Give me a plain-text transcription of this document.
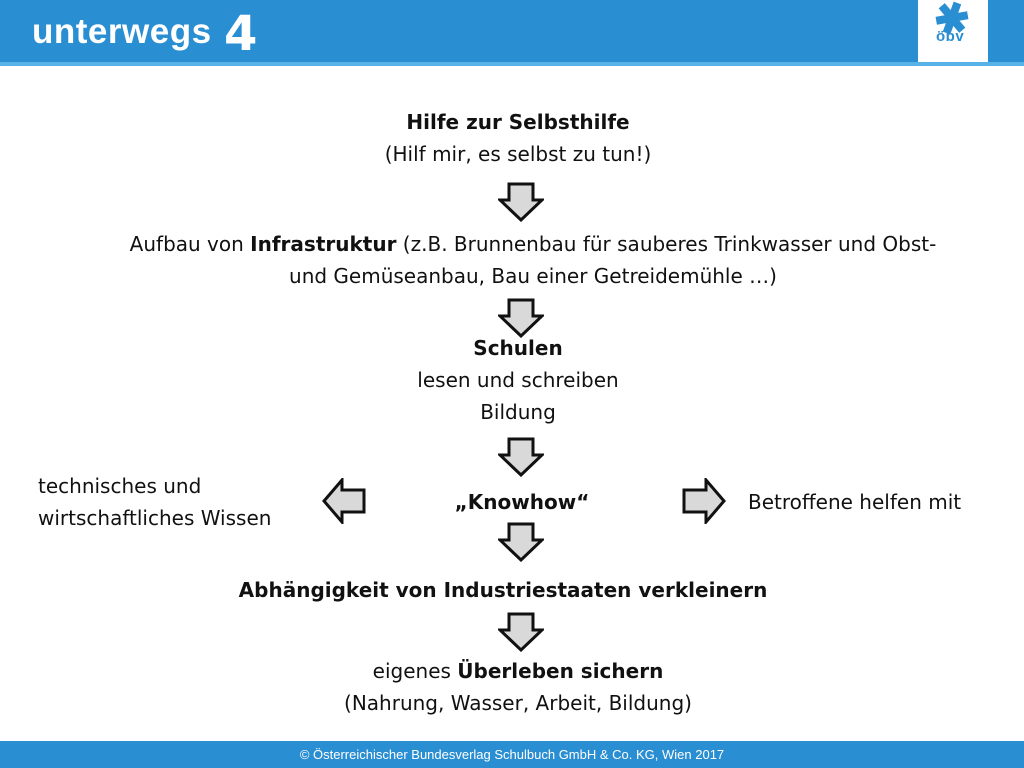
unterwegs 4	öbv
Hilfe zur Selbsthilfe
(Hilf mir, es selbst zu tun!)
Aufbau von Infrastruktur (z.B. Brunnenbau für sauberes Trinkwasser und Obst-
und Gemüseanbau, Bau einer Getreidemühle …)
Schulen
lesen und schreiben
Bildung
technisches und
wirtschaftliches Wissen
„Knowhow“	Betroffene helfen mit
Abhängigkeit von Industriestaaten verkleinern
eigenes Überleben sichern
(Nahrung, Wasser, Arbeit, Bildung)
© Österreichischer Bundesverlag Schulbuch GmbH & Co. KG, Wien 2017
